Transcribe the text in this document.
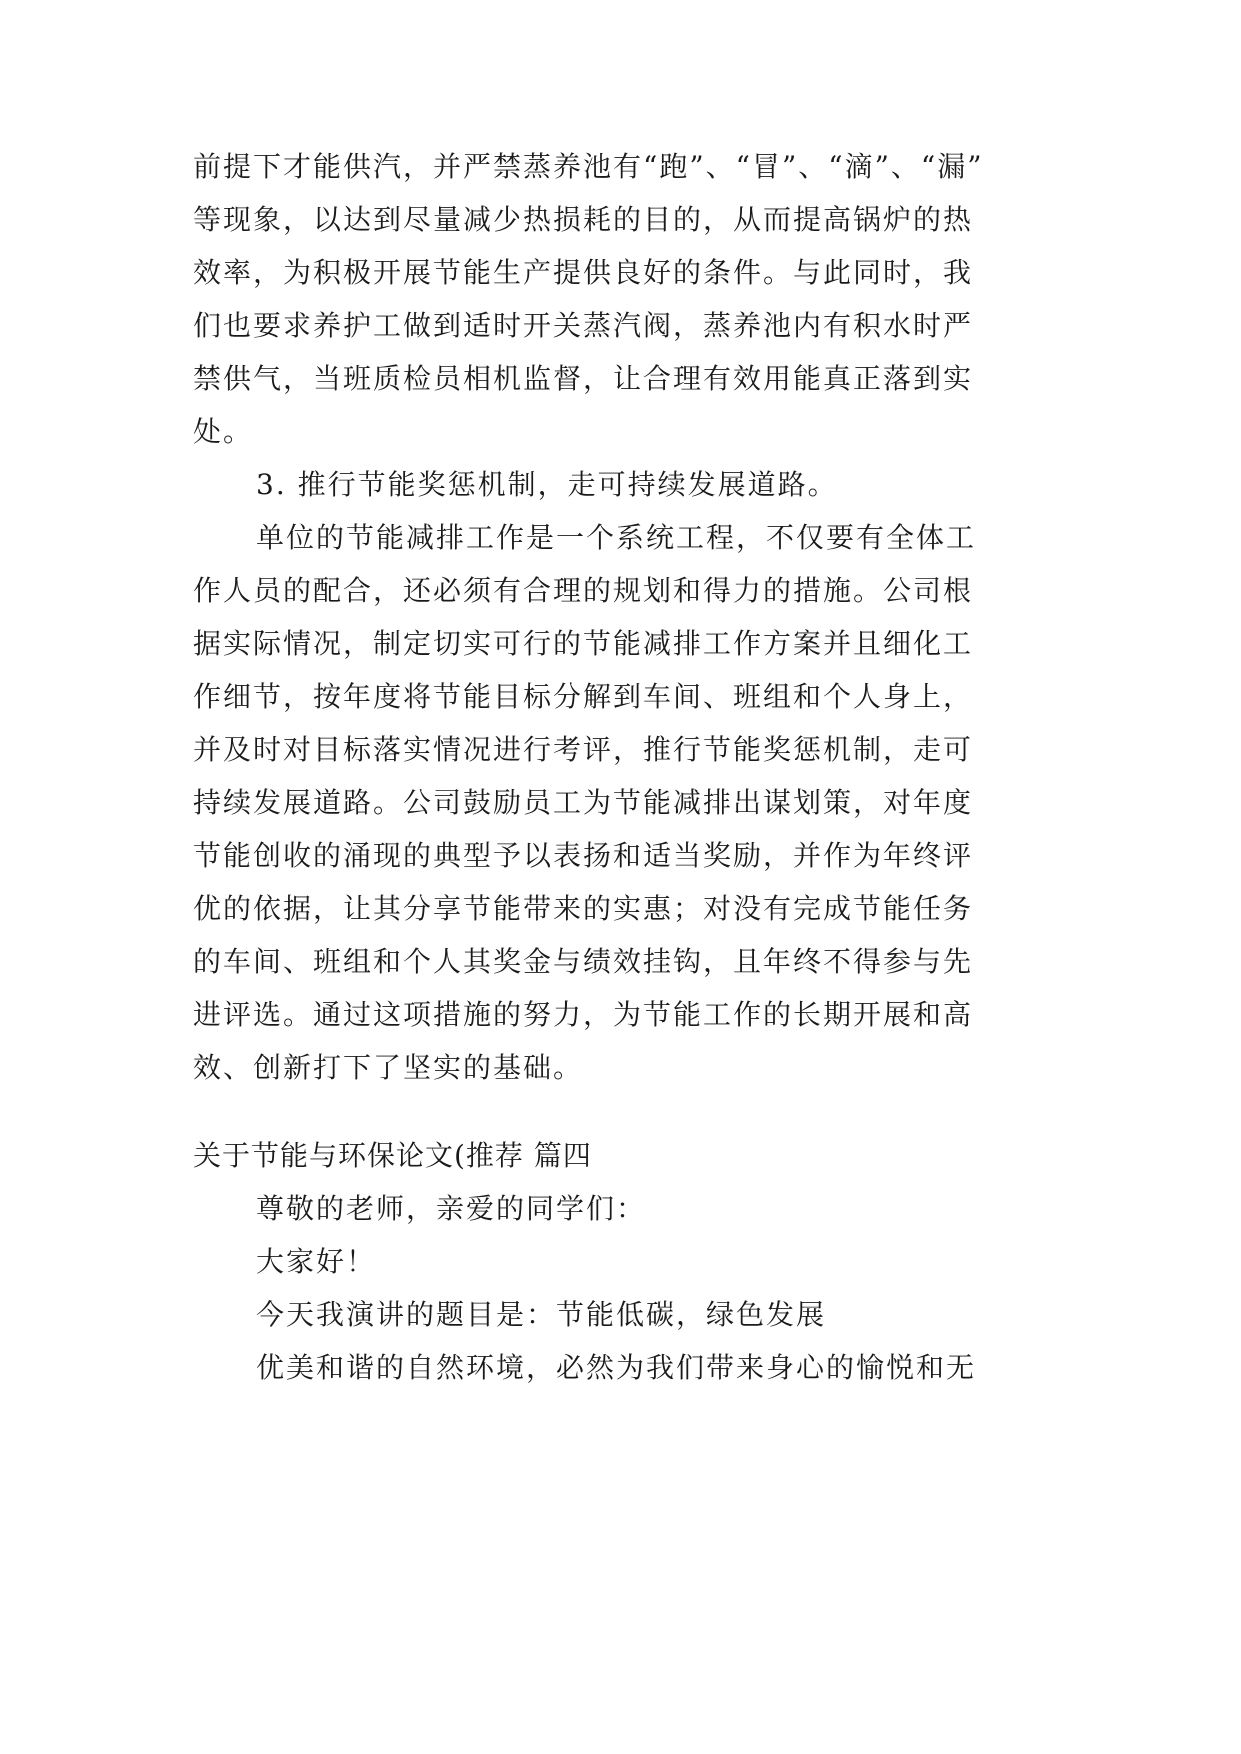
前提下才能供汽，并严禁蒸养池有“跑”、“冒”、“滴”、“漏”
等现象，以达到尽量减少热损耗的目的，从而提高锅炉的热
效率，为积极开展节能生产提供良好的条件。与此同时，我
们也要求养护工做到适时开关蒸汽阀，蒸养池内有积水时严
禁供气，当班质检员相机监督，让合理有效用能真正落到实
处。
3. 推行节能奖惩机制，走可持续发展道路。
单位的节能减排工作是一个系统工程，不仅要有全体工
作人员的配合，还必须有合理的规划和得力的措施。公司根
据实际情况，制定切实可行的节能减排工作方案并且细化工
作细节，按年度将节能目标分解到车间、班组和个人身上，
并及时对目标落实情况进行考评，推行节能奖惩机制，走可
持续发展道路。公司鼓励员工为节能减排出谋划策，对年度
节能创收的涌现的典型予以表扬和适当奖励，并作为年终评
优的依据，让其分享节能带来的实惠；对没有完成节能任务
的车间、班组和个人其奖金与绩效挂钩，且年终不得参与先
进评选。通过这项措施的努力，为节能工作的长期开展和高
效、创新打下了坚实的基础。
关于节能与环保论文(推荐 篇四
尊敬的老师，亲爱的同学们：
大家好！
今天我演讲的题目是：节能低碳，绿色发展
优美和谐的自然环境，必然为我们带来身心的愉悦和无
